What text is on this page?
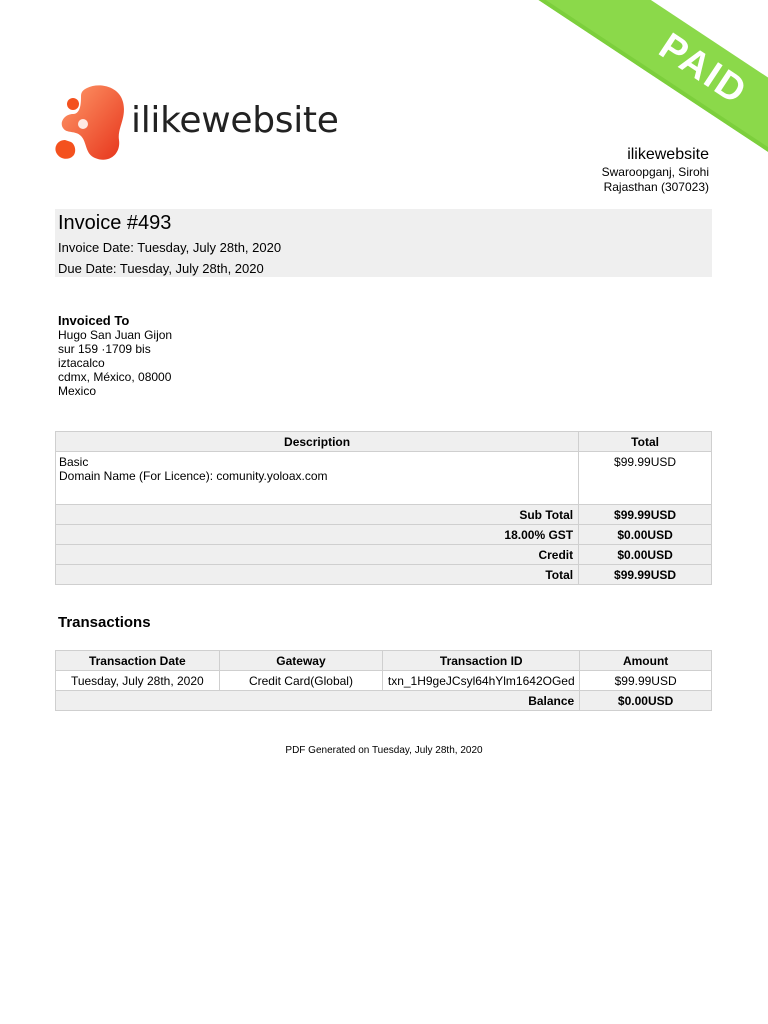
PAID
ilikewebsite
ilikewebsite
Swaroopganj, Sirohi
Rajasthan (307023)
Invoice #493
Invoice Date: Tuesday, July 28th, 2020
Due Date: Tuesday, July 28th, 2020
Invoiced To
Hugo San Juan Gijon
sur 159 ·1709 bis
iztacalco
cdmx, México, 08000
Mexico
Description	Total

Basic
Domain Name (For Licence): comunity.yoloax.com	$99.99USD
Sub Total	$99.99USD
18.00% GST	$0.00USD
Credit	$0.00USD
Total	$99.99USD
Transactions
Transaction Date	Gateway	Transaction ID	Amount
Tuesday, July 28th, 2020	Credit Card(Global)	txn_1H9geJCsyl64hYlm1642OGed	$99.99USD
Balance			$0.00USD
PDF Generated on Tuesday, July 28th, 2020
